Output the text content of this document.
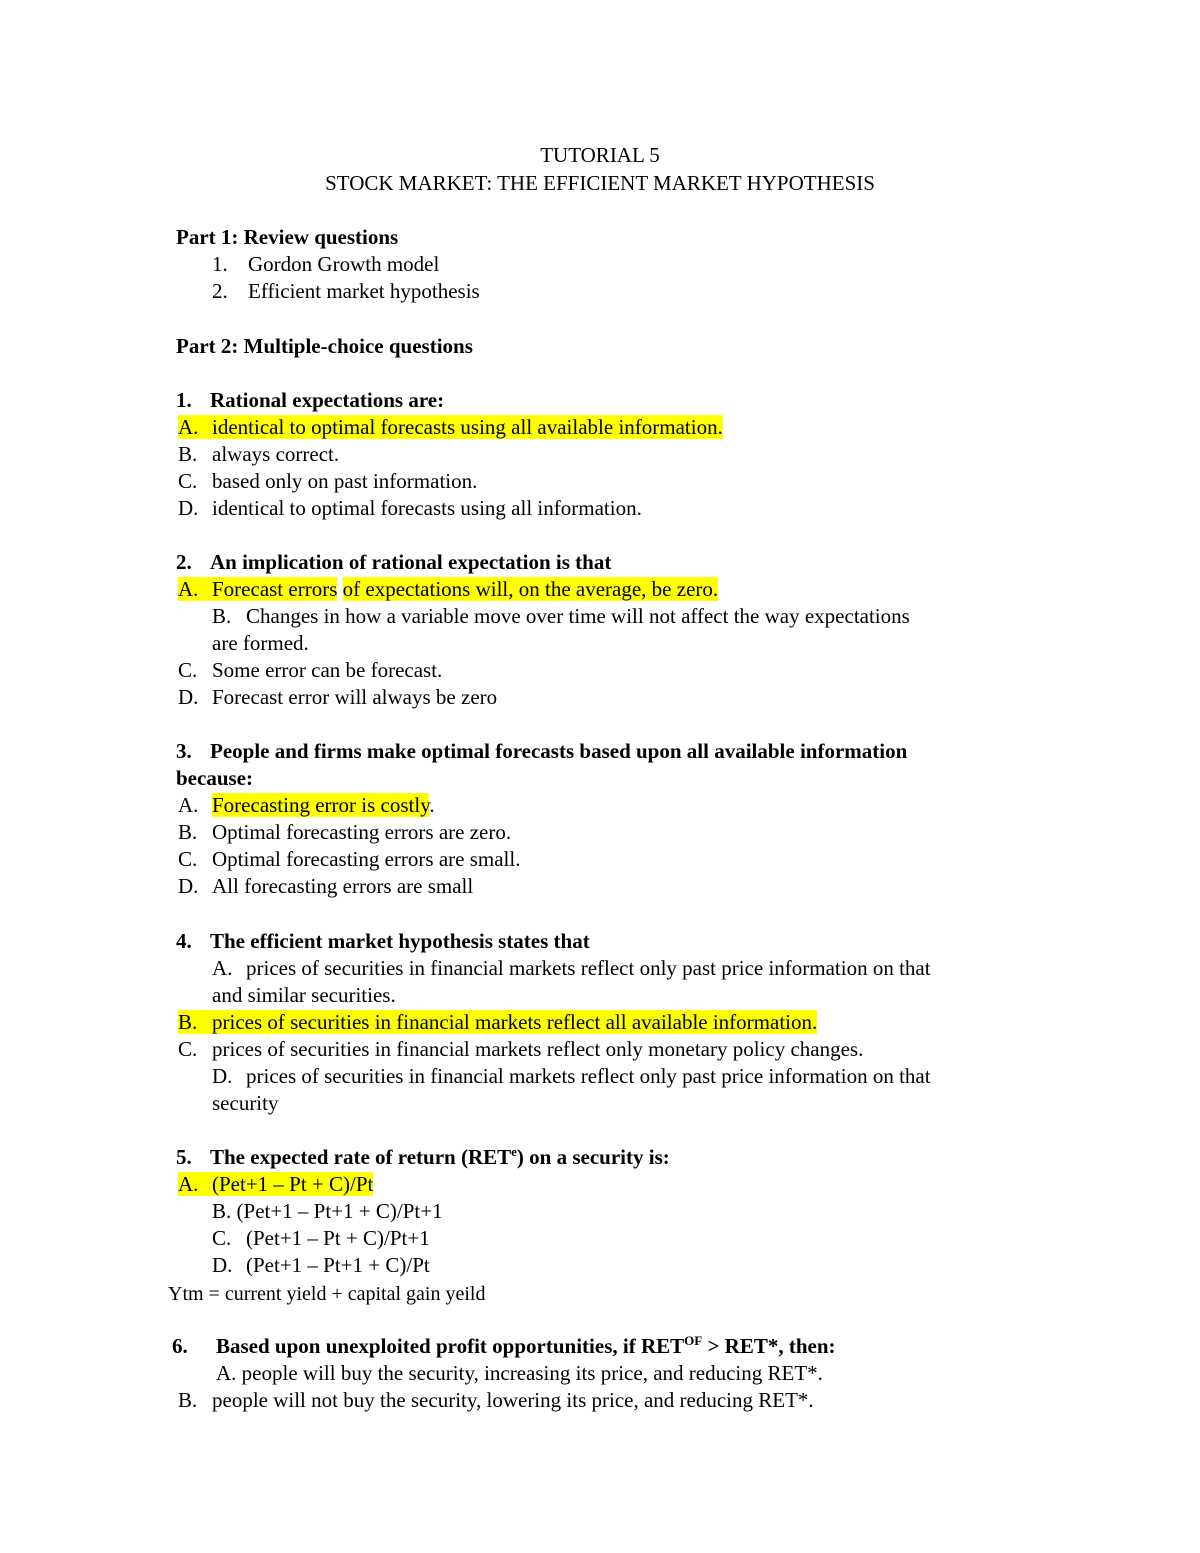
TUTORIAL 5
STOCK MARKET: THE EFFICIENT MARKET HYPOTHESIS
Part 1: Review questions
1. Gordon Growth model
2. Efficient market hypothesis
Part 2: Multiple-choice questions
1. Rational expectations are:
A. identical to optimal forecasts using all available information.
B. always correct.
C. based only on past information.
D. identical to optimal forecasts using all information.
2. An implication of rational expectation is that
A. Forecast errors of expectations will, on the average, be zero.
B. Changes in how a variable move over time will not affect the way expectations
are formed.
C. Some error can be forecast.
D. Forecast error will always be zero
3. People and firms make optimal forecasts based upon all available information
because:
A. Forecasting error is costly.
B. Optimal forecasting errors are zero.
C. Optimal forecasting errors are small.
D. All forecasting errors are small
4. The efficient market hypothesis states that
A. prices of securities in financial markets reflect only past price information on that
and similar securities.
B. prices of securities in financial markets reflect all available information.
C. prices of securities in financial markets reflect only monetary policy changes.
D. prices of securities in financial markets reflect only past price information on that
security
5. The expected rate of return (RET$^e$) on a security is:
A. (Pet+1 – Pt + C)/Pt
B. (Pet+1 – Pt+1 + C)/Pt+1
C. (Pet+1 – Pt + C)/Pt+1
D. (Pet+1 – Pt+1 + C)/Pt
Ytm = current yield + capital gain yeild
6. Based upon unexploited profit opportunities, if $RET^{OF} > RET*$, then:
A. people will buy the security, increasing its price, and reducing RET*.
B. people will not buy the security, lowering its price, and reducing RET*.
